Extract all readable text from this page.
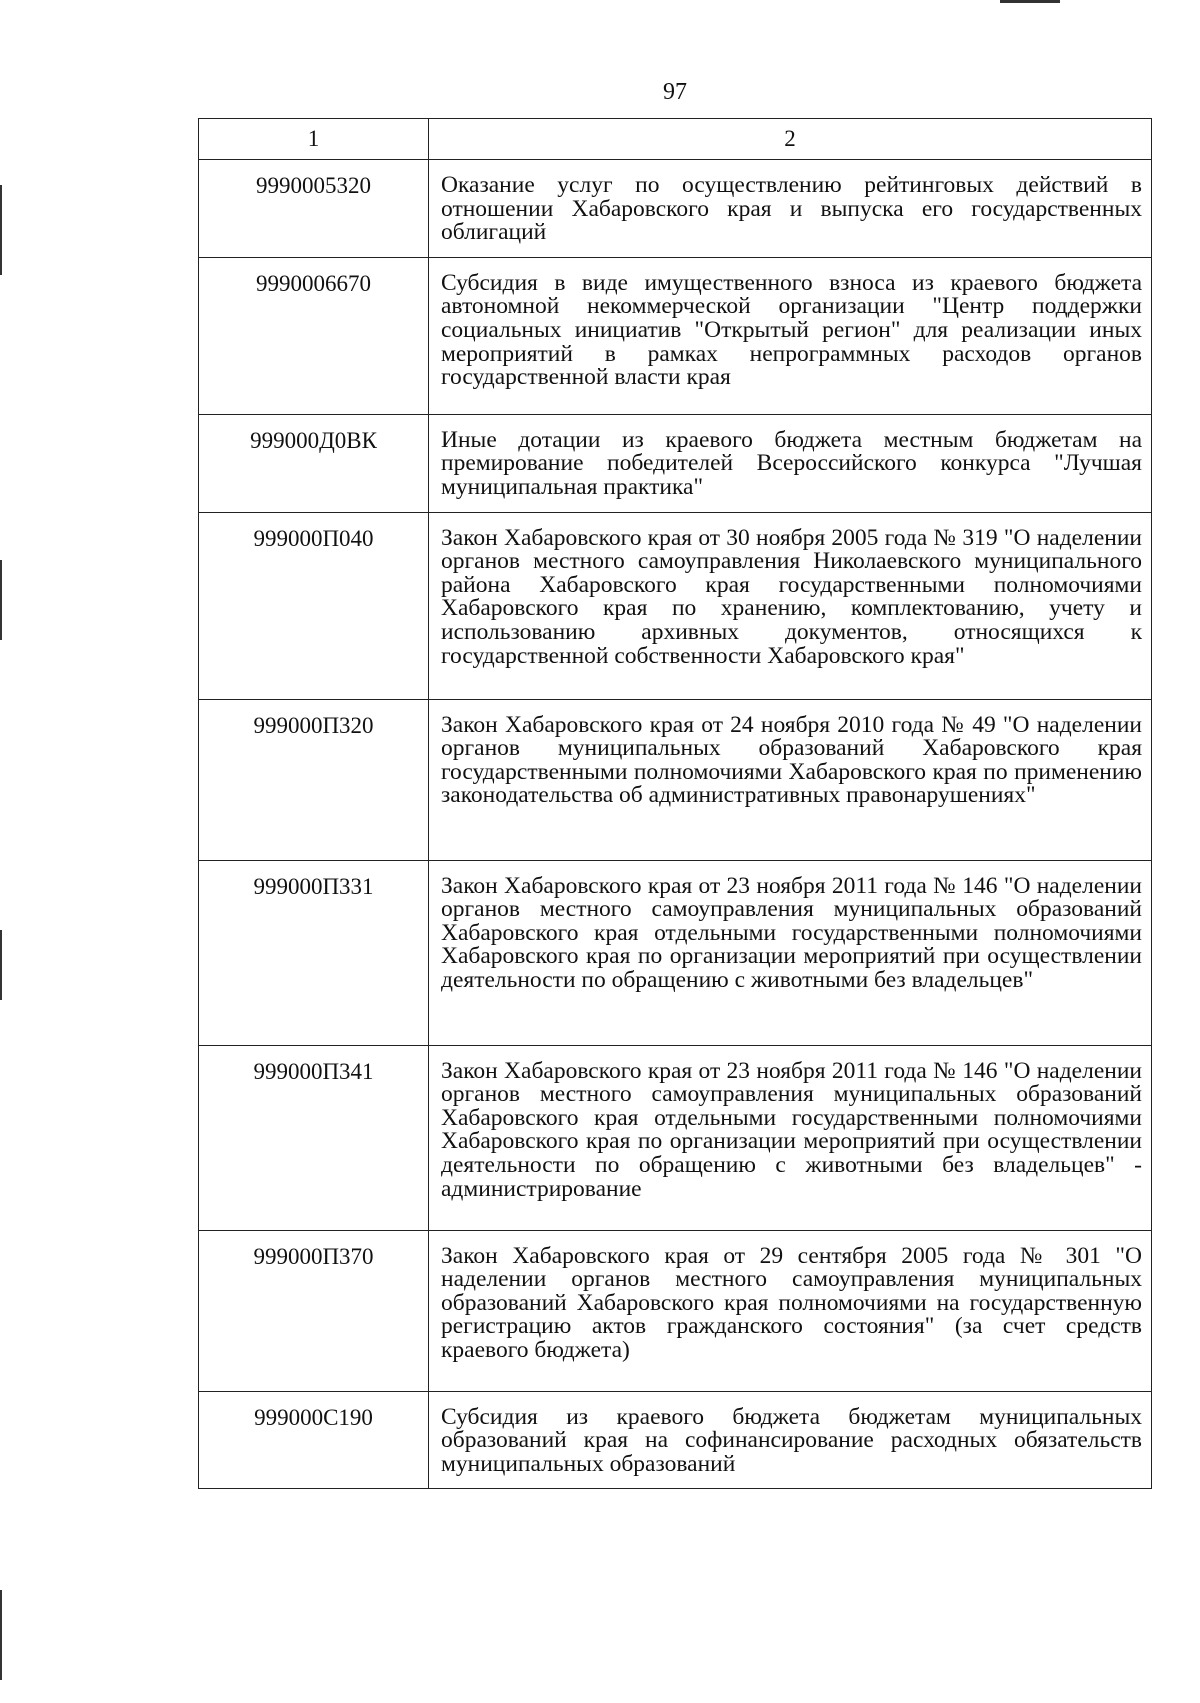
97
1	2
9990005320	Оказание услуг по осуществлению рейтинговых действий в отношении Хабаровского края и выпуска его государственных облигаций
9990006670	Субсидия в виде имущественного взноса из краевого бюджета автономной некоммерческой организации "Центр поддержки социальных инициатив "Открытый регион" для реализации иных мероприятий в рамках непрограммных расходов органов государственной власти края
999000Д0ВК	Иные дотации из краевого бюджета местным бюджетам на премирование победителей Всероссийского конкурса "Лучшая муниципальная практика"
999000П040	Закон Хабаровского края от 30 ноября 2005 года № 319 "О наделении органов местного самоуправления Николаевского муниципального района Хабаровского края государственными полномочиями Хабаровского края по хранению, комплектованию, учету и использованию архивных документов, относящихся к государственной собственности Хабаровского края"
999000П320	Закон Хабаровского края от 24 ноября 2010 года № 49 "О наделении органов муниципальных образований Хабаровского края государственными полномочиями Хабаровского края по применению законодательства об административных правонарушениях"
999000П331	Закон Хабаровского края от 23 ноября 2011 года № 146 "О наделении органов местного самоуправления муниципальных образований Хабаровского края отдельными государственными полномочиями Хабаровского края по организации мероприятий при осуществлении деятельности по обращению с животными без владельцев"
999000П341	Закон Хабаровского края от 23 ноября 2011 года № 146 "О наделении органов местного самоуправления муниципальных образований Хабаровского края отдельными государственными полномочиями Хабаровского края по организации мероприятий при осуществлении деятельности по обращению с животными без владельцев" - администрирование
999000П370	Закон Хабаровского края от 29 сентября 2005 года № 301 "О наделении органов местного самоуправления муниципальных образований Хабаровского края полномочиями на государственную регистрацию актов гражданского состояния" (за счет средств краевого бюджета)
999000С190	Субсидия из краевого бюджета бюджетам муниципальных образований края на софинансирование расходных обязательств муниципальных образований
